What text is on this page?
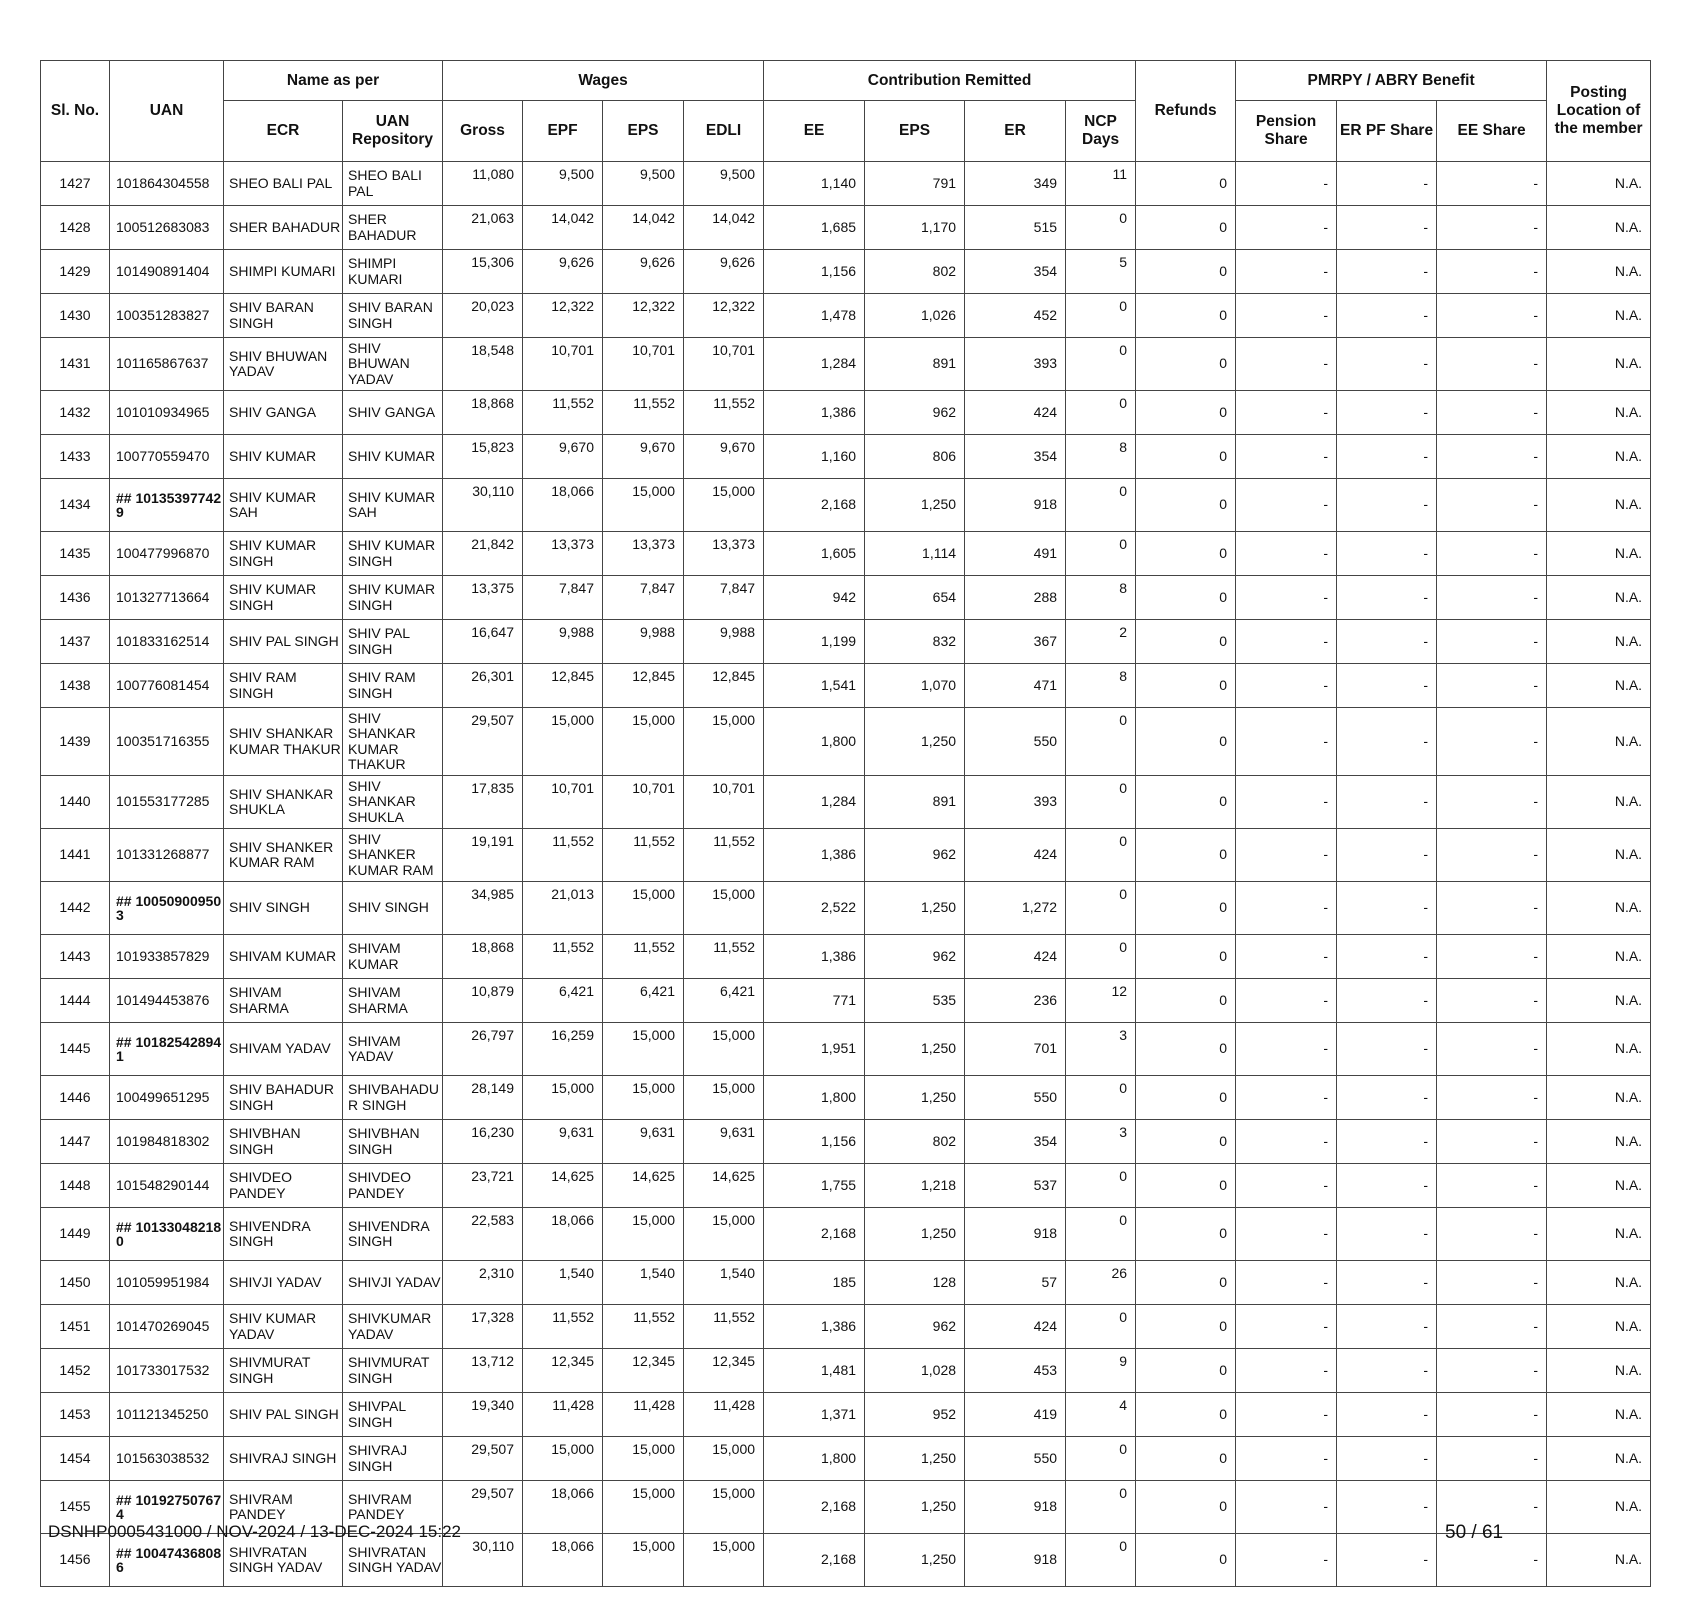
Sl. No.	UAN	Name as per		Wages				Contribution Remitted				Refunds	PMRPY / ABRY Benefit			Posting Location of the member
		ECR	UAN Repository	Gross	EPF	EPS	EDLI	EE	EPS	ER	NCP Days		Pension Share	ER PF Share	EE Share	
1427	101864304558	SHEO BALI PAL	SHEO BALI PAL	11,080	9,500	9,500	9,500	1,140	791	349	11	0	-	-	-	N.A.
1428	100512683083	SHER BAHADUR	SHER BAHADUR	21,063	14,042	14,042	14,042	1,685	1,170	515	0	0	-	-	-	N.A.
1429	101490891404	SHIMPI KUMARI	SHIMPI KUMARI	15,306	9,626	9,626	9,626	1,156	802	354	5	0	-	-	-	N.A.
1430	100351283827	SHIV BARAN SINGH	SHIV BARAN SINGH	20,023	12,322	12,322	12,322	1,478	1,026	452	0	0	-	-	-	N.A.
1431	101165867637	SHIV BHUWAN YADAV	SHIV BHUWAN YADAV	18,548	10,701	10,701	10,701	1,284	891	393	0	0	-	-	-	N.A.
1432	101010934965	SHIV GANGA	SHIV GANGA	18,868	11,552	11,552	11,552	1,386	962	424	0	0	-	-	-	N.A.
1433	100770559470	SHIV KUMAR	SHIV KUMAR	15,823	9,670	9,670	9,670	1,160	806	354	8	0	-	-	-	N.A.
1434	## 10135397742 9	SHIV KUMAR SAH	SHIV KUMAR SAH	30,110	18,066	15,000	15,000	2,168	1,250	918	0	0	-	-	-	N.A.
1435	100477996870	SHIV KUMAR SINGH	SHIV KUMAR SINGH	21,842	13,373	13,373	13,373	1,605	1,114	491	0	0	-	-	-	N.A.
1436	101327713664	SHIV KUMAR SINGH	SHIV KUMAR SINGH	13,375	7,847	7,847	7,847	942	654	288	8	0	-	-	-	N.A.
1437	101833162514	SHIV PAL SINGH	SHIV PAL SINGH	16,647	9,988	9,988	9,988	1,199	832	367	2	0	-	-	-	N.A.
1438	100776081454	SHIV RAM SINGH	SHIV RAM SINGH	26,301	12,845	12,845	12,845	1,541	1,070	471	8	0	-	-	-	N.A.
1439	100351716355	SHIV SHANKAR KUMAR THAKUR	SHIV SHANKAR KUMAR THAKUR	29,507	15,000	15,000	15,000	1,800	1,250	550	0	0	-	-	-	N.A.
1440	101553177285	SHIV SHANKAR SHUKLA	SHIV SHANKAR SHUKLA	17,835	10,701	10,701	10,701	1,284	891	393	0	0	-	-	-	N.A.
1441	101331268877	SHIV SHANKER KUMAR RAM	SHIV SHANKER KUMAR RAM	19,191	11,552	11,552	11,552	1,386	962	424	0	0	-	-	-	N.A.
1442	## 10050900950 3	SHIV SINGH	SHIV SINGH	34,985	21,013	15,000	15,000	2,522	1,250	1,272	0	0	-	-	-	N.A.
1443	101933857829	SHIVAM KUMAR	SHIVAM KUMAR	18,868	11,552	11,552	11,552	1,386	962	424	0	0	-	-	-	N.A.
1444	101494453876	SHIVAM SHARMA	SHIVAM SHARMA	10,879	6,421	6,421	6,421	771	535	236	12	0	-	-	-	N.A.
1445	## 10182542894 1	SHIVAM YADAV	SHIVAM YADAV	26,797	16,259	15,000	15,000	1,951	1,250	701	3	0	-	-	-	N.A.
1446	100499651295	SHIV BAHADUR SINGH	SHIVBAHADUR SINGH	28,149	15,000	15,000	15,000	1,800	1,250	550	0	0	-	-	-	N.A.
1447	101984818302	SHIVBHAN SINGH	SHIVBHAN SINGH	16,230	9,631	9,631	9,631	1,156	802	354	3	0	-	-	-	N.A.
1448	101548290144	SHIVDEO PANDEY	SHIVDEO PANDEY	23,721	14,625	14,625	14,625	1,755	1,218	537	0	0	-	-	-	N.A.
1449	## 10133048218 0	SHIVENDRA SINGH	SHIVENDRA SINGH	22,583	18,066	15,000	15,000	2,168	1,250	918	0	0	-	-	-	N.A.
1450	101059951984	SHIVJI YADAV	SHIVJI YADAV	2,310	1,540	1,540	1,540	185	128	57	26	0	-	-	-	N.A.
1451	101470269045	SHIV KUMAR YADAV	SHIVKUMAR YADAV	17,328	11,552	11,552	11,552	1,386	962	424	0	0	-	-	-	N.A.
1452	101733017532	SHIVMURAT SINGH	SHIVMURAT SINGH	13,712	12,345	12,345	12,345	1,481	1,028	453	9	0	-	-	-	N.A.
1453	101121345250	SHIV PAL SINGH	SHIVPAL SINGH	19,340	11,428	11,428	11,428	1,371	952	419	4	0	-	-	-	N.A.
1454	101563038532	SHIVRAJ SINGH	SHIVRAJ SINGH	29,507	15,000	15,000	15,000	1,800	1,250	550	0	0	-	-	-	N.A.
1455	## 10192750767 4	SHIVRAM PANDEY	SHIVRAM PANDEY	29,507	18,066	15,000	15,000	2,168	1,250	918	0	0	-	-	-	N.A.
1456	## 10047436808 6	SHIVRATAN SINGH YADAV	SHIVRATAN SINGH YADAV	30,110	18,066	15,000	15,000	2,168	1,250	918	0	0	-	-	-	N.A.
DSNHP0005431000 / NOV-2024 / 13-DEC-2024 15:22	50 / 61
